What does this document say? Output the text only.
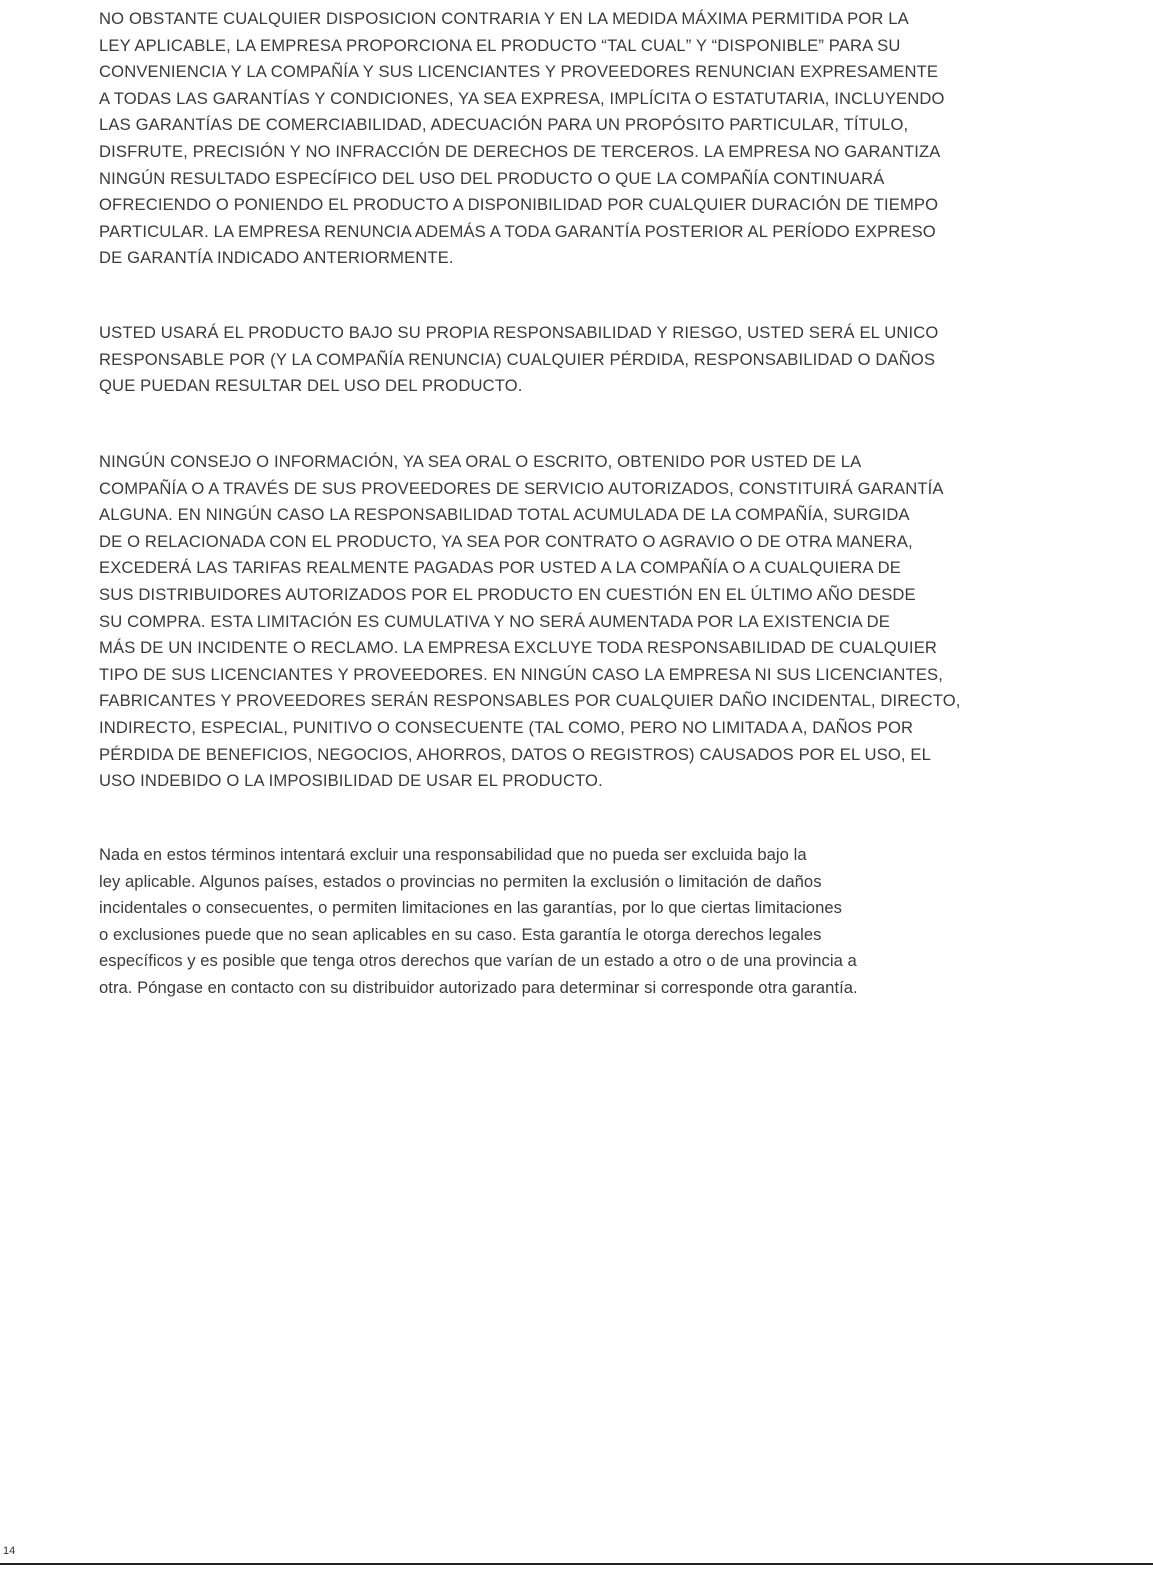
NO OBSTANTE CUALQUIER DISPOSICION CONTRARIA Y EN LA MEDIDA MÁXIMA PERMITIDA POR LA
LEY APLICABLE, LA EMPRESA PROPORCIONA EL PRODUCTO “TAL CUAL” Y “DISPONIBLE” PARA SU
CONVENIENCIA Y LA COMPAÑÍA Y SUS LICENCIANTES Y PROVEEDORES RENUNCIAN EXPRESAMENTE
A TODAS LAS GARANTÍAS Y CONDICIONES, YA SEA EXPRESA, IMPLÍCITA O ESTATUTARIA, INCLUYENDO
LAS GARANTÍAS DE COMERCIABILIDAD, ADECUACIÓN PARA UN PROPÓSITO PARTICULAR, TÍTULO,
DISFRUTE, PRECISIÓN Y NO INFRACCIÓN DE DERECHOS DE TERCEROS. LA EMPRESA NO GARANTIZA
NINGÚN RESULTADO ESPECÍFICO DEL USO DEL PRODUCTO O QUE LA COMPAÑÍA CONTINUARÁ
OFRECIENDO O PONIENDO EL PRODUCTO A DISPONIBILIDAD POR CUALQUIER DURACIÓN DE TIEMPO
PARTICULAR. LA EMPRESA RENUNCIA ADEMÁS A TODA GARANTÍA POSTERIOR AL PERÍODO EXPRESO
DE GARANTÍA INDICADO ANTERIORMENTE.

USTED USARÁ EL PRODUCTO BAJO SU PROPIA RESPONSABILIDAD Y RIESGO, USTED SERÁ EL UNICO
RESPONSABLE POR (Y LA COMPAÑÍA RENUNCIA) CUALQUIER PÉRDIDA, RESPONSABILIDAD O DAÑOS
QUE PUEDAN RESULTAR DEL USO DEL PRODUCTO.

NINGÚN CONSEJO O INFORMACIÓN, YA SEA ORAL O ESCRITO, OBTENIDO POR USTED DE LA
COMPAÑÍA O A TRAVÉS DE SUS PROVEEDORES DE SERVICIO AUTORIZADOS, CONSTITUIRÁ GARANTÍA
ALGUNA. EN NINGÚN CASO LA RESPONSABILIDAD TOTAL ACUMULADA DE LA COMPAÑÍA, SURGIDA
DE O RELACIONADA CON EL PRODUCTO, YA SEA POR CONTRATO O AGRAVIO O DE OTRA MANERA,
EXCEDERÁ LAS TARIFAS REALMENTE PAGADAS POR USTED A LA COMPAÑÍA O A CUALQUIERA DE
SUS DISTRIBUIDORES AUTORIZADOS POR EL PRODUCTO EN CUESTIÓN EN EL ÚLTIMO AÑO DESDE
SU COMPRA. ESTA LIMITACIÓN ES CUMULATIVA Y NO SERÁ AUMENTADA POR LA EXISTENCIA DE
MÁS DE UN INCIDENTE O RECLAMO. LA EMPRESA EXCLUYE TODA RESPONSABILIDAD DE CUALQUIER
TIPO DE SUS LICENCIANTES Y PROVEEDORES. EN NINGÚN CASO LA EMPRESA NI SUS LICENCIANTES,
FABRICANTES Y PROVEEDORES SERÁN RESPONSABLES POR CUALQUIER DAÑO INCIDENTAL, DIRECTO,
INDIRECTO, ESPECIAL, PUNITIVO O CONSECUENTE (TAL COMO, PERO NO LIMITADA A, DAÑOS POR
PÉRDIDA DE BENEFICIOS, NEGOCIOS, AHORROS, DATOS O REGISTROS) CAUSADOS POR EL USO, EL
USO INDEBIDO O LA IMPOSIBILIDAD DE USAR EL PRODUCTO.

Nada en estos términos intentará excluir una responsabilidad que no pueda ser excluida bajo la
ley aplicable. Algunos países, estados o provincias no permiten la exclusión o limitación de daños
incidentales o consecuentes, o permiten limitaciones en las garantías, por lo que ciertas limitaciones
o exclusiones puede que no sean aplicables en su caso. Esta garantía le otorga derechos legales
específicos y es posible que tenga otros derechos que varían de un estado a otro o de una provincia a
otra. Póngase en contacto con su distribuidor autorizado para determinar si corresponde otra garantía.

14
